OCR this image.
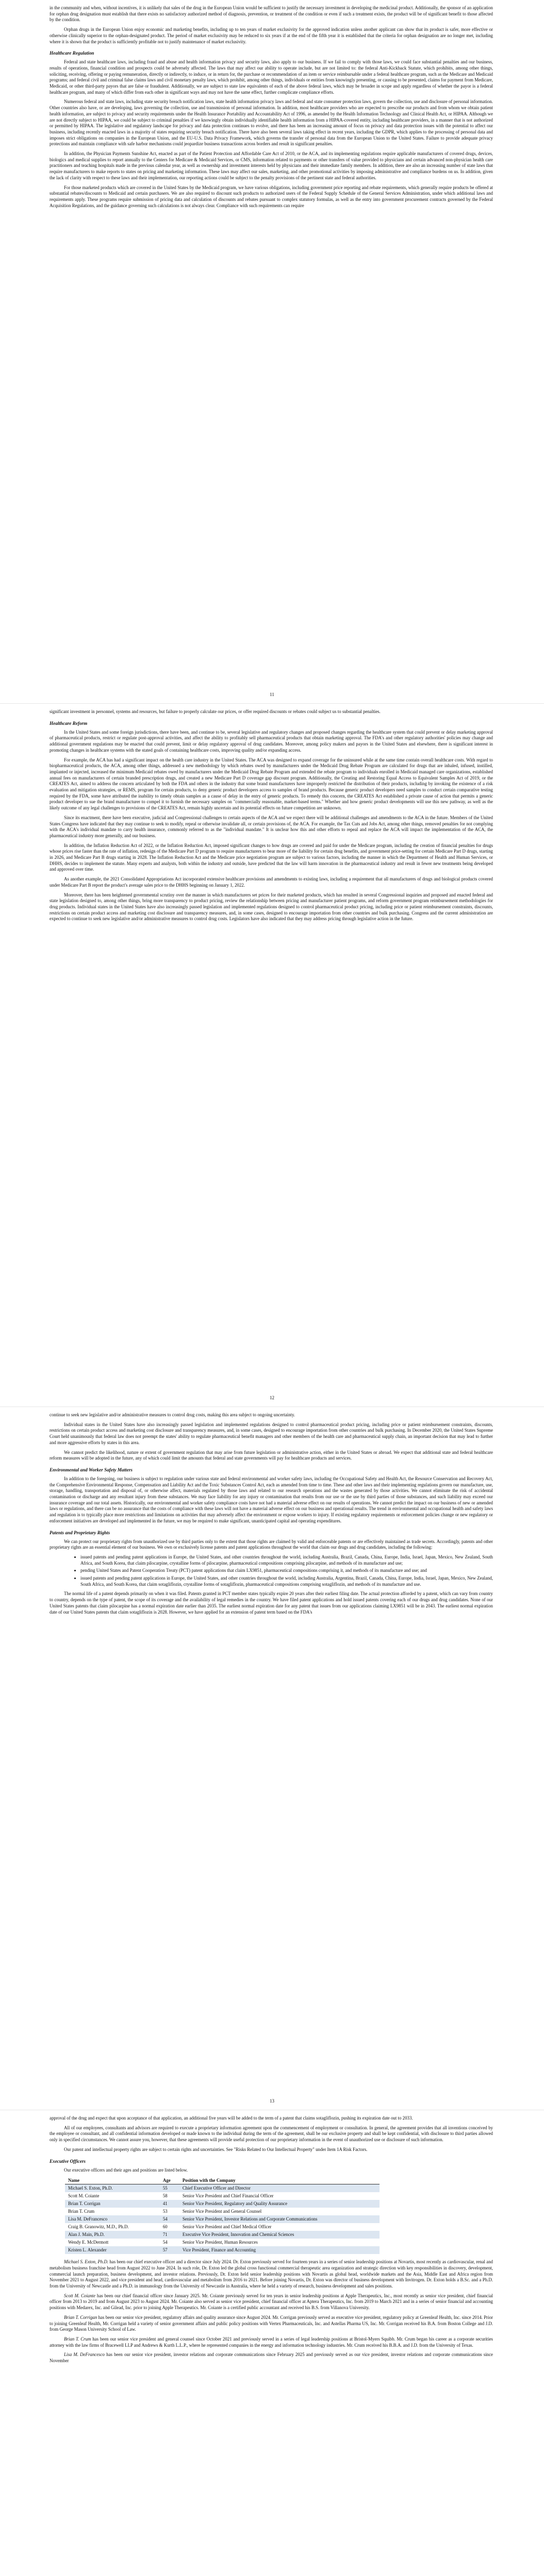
in the community and when, without incentives, it is unlikely that sales of the drug in the European Union would be sufficient to justify the necessary investment in developing the medicinal product. Additionally, the sponsor of an application for orphan drug designation must establish that there exists no satisfactory authorized method of diagnosis, prevention, or treatment of the condition or even if such a treatment exists, the product will be of significant benefit to those affected by the condition.

Orphan drugs in the European Union enjoy economic and marketing benefits, including up to ten years of market exclusivity for the approved indication unless another applicant can show that its product is safer, more effective or otherwise clinically superior to the orphan-designated product. The period of market exclusivity may be reduced to six years if at the end of the fifth year it is established that the criteria for orphan designation are no longer met, including where it is shown that the product is sufficiently profitable not to justify maintenance of market exclusivity.

Healthcare Regulation

Federal and state healthcare laws, including fraud and abuse and health information privacy and security laws, also apply to our business. If we fail to comply with those laws, we could face substantial penalties and our business, results of operations, financial condition and prospects could be adversely affected. The laws that may affect our ability to operate include, but are not limited to: the federal Anti-Kickback Statute, which prohibits, among other things, soliciting, receiving, offering or paying remuneration, directly or indirectly, to induce, or in return for, the purchase or recommendation of an item or service reimbursable under a federal healthcare program, such as the Medicare and Medicaid programs; and federal civil and criminal false claims laws and civil monetary penalty laws, which prohibit, among other things, individuals or entities from knowingly presenting, or causing to be presented, claims for payment from Medicare, Medicaid, or other third-party payors that are false or fraudulent. Additionally, we are subject to state law equivalents of each of the above federal laws, which may be broader in scope and apply regardless of whether the payor is a federal healthcare program, and many of which differ from each other in significant ways and may not have the same effect, further complicate compliance efforts.

Numerous federal and state laws, including state security breach notification laws, state health information privacy laws and federal and state consumer protection laws, govern the collection, use and disclosure of personal information. Other countries also have, or are developing, laws governing the collection, use and transmission of personal information. In addition, most healthcare providers who are expected to prescribe our products and from whom we obtain patient health information, are subject to privacy and security requirements under the Health Insurance Portability and Accountability Act of 1996, as amended by the Health Information Technology and Clinical Health Act, or HIPAA. Although we are not directly subject to HIPAA, we could be subject to criminal penalties if we knowingly obtain individually identifiable health information from a HIPAA-covered entity, including healthcare providers, in a manner that is not authorized or permitted by HIPAA. The legislative and regulatory landscape for privacy and data protection continues to evolve, and there has been an increasing amount of focus on privacy and data protection issues with the potential to affect our business, including recently enacted laws in a majority of states requiring security breach notification. There have also been several laws taking effect in recent years, including the GDPR, which applies to the processing of personal data and imposes strict obligations on companies in the European Union, and the EU-U.S. Data Privacy Framework, which governs the transfer of personal data from the European Union to the United States. Failure to provide adequate privacy protections and maintain compliance with safe harbor mechanisms could jeopardize business transactions across borders and result in significant penalties.

In addition, the Physician Payments Sunshine Act, enacted as part of the Patient Protection and Affordable Care Act of 2010, or the ACA, and its implementing regulations require applicable manufacturers of covered drugs, devices, biologics and medical supplies to report annually to the Centers for Medicare & Medicaid Services, or CMS, information related to payments or other transfers of value provided to physicians and certain advanced non-physician health care practitioners and teaching hospitals made in the previous calendar year, as well as ownership and investment interests held by physicians and their immediate family members. In addition, there are also an increasing number of state laws that require manufacturers to make reports to states on pricing and marketing information. These laws may affect our sales, marketing, and other promotional activities by imposing administrative and compliance burdens on us. In addition, given the lack of clarity with respect to these laws and their implementation, our reporting actions could be subject to the penalty provisions of the pertinent state and federal authorities.

For those marketed products which are covered in the United States by the Medicaid program, we have various obligations, including government price reporting and rebate requirements, which generally require products be offered at substantial rebates/discounts to Medicaid and certain purchasers. We are also required to discount such products to authorized users of the Federal Supply Schedule of the General Services Administration, under which additional laws and requirements apply. These programs require submission of pricing data and calculation of discounts and rebates pursuant to complex statutory formulas, as well as the entry into government procurement contracts governed by the Federal Acquisition Regulations, and the guidance governing such calculations is not always clear. Compliance with such requirements can require

11

significant investment in personnel, systems and resources, but failure to properly calculate our prices, or offer required discounts or rebates could subject us to substantial penalties.

Healthcare Reform

In the United States and some foreign jurisdictions, there have been, and continue to be, several legislative and regulatory changes and proposed changes regarding the healthcare system that could prevent or delay marketing approval of pharmaceutical products, restrict or regulate post-approval activities, and affect the ability to profitably sell pharmaceutical products that obtain marketing approval. The FDA's and other regulatory authorities' policies may change and additional government regulations may be enacted that could prevent, limit or delay regulatory approval of drug candidates. Moreover, among policy makers and payors in the United States and elsewhere, there is significant interest in promoting changes in healthcare systems with the stated goals of containing healthcare costs, improving quality and/or expanding access.

For example, the ACA has had a significant impact on the health care industry in the United States. The ACA was designed to expand coverage for the uninsured while at the same time contain overall healthcare costs. With regard to biopharmaceutical products, the ACA, among other things, addressed a new methodology by which rebates owed by manufacturers under the Medicaid Drug Rebate Program are calculated for drugs that are inhaled, infused, instilled, implanted or injected, increased the minimum Medicaid rebates owed by manufacturers under the Medicaid Drug Rebate Program and extended the rebate program to individuals enrolled in Medicaid managed care organizations, established annual fees on manufacturers of certain branded prescription drugs, and created a new Medicare Part D coverage gap discount program. Additionally, the Creating and Restoring Equal Access to Equivalent Samples Act of 2019, or the CREATES Act, aimed to address the concern articulated by both the FDA and others in the industry that some brand manufacturers have improperly restricted the distribution of their products, including by invoking the existence of a risk evaluation and mitigation strategies, or REMS, program for certain products, to deny generic product developers access to samples of brand products. Because generic product developers need samples to conduct certain comparative testing required by the FDA, some have attributed the inability to timely obtain samples as a cause of delay in the entry of generic products. To remedy this concern, the CREATES Act established a private cause of action that permits a generic product developer to sue the brand manufacturer to compel it to furnish the necessary samples on "commercially reasonable, market-based terms." Whether and how generic product developments will use this new pathway, as well as the likely outcome of any legal challenges to provisions of the CREATES Act, remain highly uncertain and its potential effects on future competition are unknown.

Since its enactment, there have been executive, judicial and Congressional challenges to certain aspects of the ACA and we expect there will be additional challenges and amendments to the ACA in the future. Members of the United States Congress have indicated that they may continue to seek to modify, repeal or otherwise invalidate all, or certain provisions of, the ACA. For example, the Tax Cuts and Jobs Act, among other things, removed penalties for not complying with the ACA's individual mandate to carry health insurance, commonly referred to as the "individual mandate." It is unclear how this and other efforts to repeal and replace the ACA will impact the implementation of the ACA, the pharmaceutical industry more generally, and our business.

In addition, the Inflation Reduction Act of 2022, or the Inflation Reduction Act, imposed significant changes to how drugs are covered and paid for under the Medicare program, including the creation of financial penalties for drugs whose prices rise faster than the rate of inflation, redesign of the Medicare Part D program to require manufacturers to bear more of the liability for certain drug benefits, and government price-setting for certain Medicare Part D drugs, starting in 2026, and Medicare Part B drugs starting in 2028. The Inflation Reduction Act and the Medicare price negotiation program are subject to various factors, including the manner in which the Department of Health and Human Services, or DHHS, decides to implement the statute. Many experts and analysts, both within the industry and outside, have predicted that the law will harm innovation in the pharmaceutical industry and result in fewer new treatments being developed and approved over time.

As another example, the 2021 Consolidated Appropriations Act incorporated extensive healthcare provisions and amendments to existing laws, including a requirement that all manufacturers of drugs and biological products covered under Medicare Part B report the product's average sales price to the DHHS beginning on January 1, 2022.

Moreover, there has been heightened governmental scrutiny over the manner in which manufacturers set prices for their marketed products, which has resulted in several Congressional inquiries and proposed and enacted federal and state legislation designed to, among other things, bring more transparency to product pricing, review the relationship between pricing and manufacturer patient programs, and reform government program reimbursement methodologies for drug products. Individual states in the United States have also increasingly passed legislation and implemented regulations designed to control pharmaceutical product pricing, including price or patient reimbursement constraints, discounts, restrictions on certain product access and marketing cost disclosure and transparency measures, and, in some cases, designed to encourage importation from other countries and bulk purchasing. Congress and the current administration are expected to continue to seek new legislative and/or administrative measures to control drug costs. Legislators have also indicated that they may address pricing through legislative action in the future.

12

continue to seek new legislative and/or administrative measures to control drug costs, making this area subject to ongoing uncertainty.

Individual states in the United States have also increasingly passed legislation and implemented regulations designed to control pharmaceutical product pricing, including price or patient reimbursement constraints, discounts, restrictions on certain product access and marketing cost disclosure and transparency measures, and, in some cases, designed to encourage importation from other countries and bulk purchasing. In December 2020, the United States Supreme Court held unanimously that federal law does not preempt the states' ability to regulate pharmaceutical benefit managers and other members of the health care and pharmaceutical supply chain, an important decision that may lead to further and more aggressive efforts by states in this area.

We cannot predict the likelihood, nature or extent of government regulation that may arise from future legislation or administrative action, either in the United States or abroad. We expect that additional state and federal healthcare reform measures will be adopted in the future, any of which could limit the amounts that federal and state governments will pay for healthcare products and services.

Environmental and Worker Safety Matters

In addition to the foregoing, our business is subject to regulation under various state and federal environmental and worker safety laws, including the Occupational Safety and Health Act, the Resource Conservation and Recovery Act, the Comprehensive Environmental Response, Compensation and Liability Act and the Toxic Substances Control Act, each as amended from time to time. These and other laws and their implementing regulations govern our manufacture, use, storage, handling, transportation and disposal of, or otherwise affect, materials regulated by those laws and related to our research operations and the wastes generated by those activities. We cannot eliminate the risk of accidental contamination or discharge and any resultant injury from these substances. We may face liability for any injury or contamination that results from our use or the use by third parties of those substances, and such liability may exceed our insurance coverage and our total assets. Historically, our environmental and worker safety compliance costs have not had a material adverse effect on our results of operations. We cannot predict the impact on our business of new or amended laws or regulations, and there can be no assurance that the costs of compliance with these laws will not have a material adverse effect on our business and operational results. The trend in environmental and occupational health and safety laws and regulation is to typically place more restrictions and limitations on activities that may adversely affect the environment or expose workers to injury. If existing regulatory requirements or enforcement policies change or new regulatory or enforcement initiatives are developed and implemented in the future, we may be required to make significant, unanticipated capital and operating expenditures.

Patents and Proprietary Rights

We can protect our proprietary rights from unauthorized use by third parties only to the extent that those rights are claimed by valid and enforceable patents or are effectively maintained as trade secrets. Accordingly, patents and other proprietary rights are an essential element of our business. We own or exclusively license patents and patent applications throughout the world that claim our drugs and drug candidates, including the following:

• issued patents and pending patent applications in Europe, the United States, and other countries throughout the world, including Australia, Brazil, Canada, China, Europe, India, Israel, Japan, Mexico, New Zealand, South Africa, and South Korea, that claim pilocarpine, crystalline forms of pilocarpine, pharmaceutical compositions comprising pilocarpine, and methods of its manufacture and use;
• pending United States and Patent Cooperation Treaty (PCT) patent applications that claim LX9851, pharmaceutical compositions comprising it, and methods of its manufacture and use; and
• issued patents and pending patent applications in Europe, the United States, and other countries throughout the world, including Australia, Argentina, Brazil, Canada, China, Europe, India, Israel, Japan, Mexico, New Zealand, South Africa, and South Korea, that claim sotagliflozin, crystalline forms of sotagliflozin, pharmaceutical compositions comprising sotagliflozin, and methods of its manufacture and use.

The normal life of a patent depends primarily on when it was filed. Patents granted in PCT member states typically expire 20 years after their earliest filing date. The actual protection afforded by a patent, which can vary from country to country, depends on the type of patent, the scope of its coverage and the availability of legal remedies in the country. We have filed patent applications and hold issued patents covering each of our drugs and drug candidates. None of our United States patents that claim pilocarpine has a normal expiration date earlier than 2035. The earliest normal expiration date for any patent that issues from our applications claiming LX9851 will be in 2043. The earliest normal expiration date of our United States patents that claim sotagliflozin is 2028. However, we have applied for an extension of patent term based on the FDA's

13

approval of the drug and expect that upon acceptance of that application, an additional five years will be added to the term of a patent that claims sotagliflozin, pushing its expiration date out to 2033.

All of our employees, consultants and advisors are required to execute a proprietary information agreement upon the commencement of employment or consultation. In general, the agreement provides that all inventions conceived by the employee or consultant, and all confidential information developed or made known to the individual during the term of the agreement, shall be our exclusive property and shall be kept confidential, with disclosure to third parties allowed only in specified circumstances. We cannot assure you, however, that these agreements will provide useful protection of our proprietary information in the event of unauthorized use or disclosure of such information.

Our patent and intellectual property rights are subject to certain rights and uncertainties. See "Risks Related to Our Intellectual Property" under Item 1A Risk Factors.

Executive Officers

Our executive officers and their ages and positions are listed below.

Name	Age	Position with the Company
Michael S. Exton, Ph.D.	55	Chief Executive Officer and Director
Scott M. Coiante	58	Senior Vice President and Chief Financial Officer
Brian T. Corrigan	41	Senior Vice President, Regulatory and Quality Assurance
Brian T. Crum	53	Senior Vice President and General Counsel
Lisa M. DeFrancesco	54	Senior Vice President, Investor Relations and Corporate Communications
Craig B. Granowitz, M.D., Ph.D.	60	Senior Vice President and Chief Medical Officer
Alan J. Main, Ph.D.	71	Executive Vice President, Innovation and Chemical Sciences
Wendy E. McDermott	54	Senior Vice President, Human Resources
Kristen L. Alexander	57	Vice President, Finance and Accounting

Michael S. Exton, Ph.D. has been our chief executive officer and a director since July 2024. Dr. Exton previously served for fourteen years in a series of senior leadership positions at Novartis, most recently as cardiovascular, renal and metabolism business franchise head from August 2022 to June 2024. In such role, Dr. Exton led the global cross functional commercial therapeutic area organization and strategic direction with key responsibilities in discovery, development, commercial launch preparation, business development, and investor relations. Previously, Dr. Exton held senior leadership positions with Novartis as global head, worldwide markets and the Asia, Middle East and Africa region from November 2021 to August 2022, and vice president and head, cardiovascular and metabolism from 2016 to 2021. Before joining Novartis, Dr. Exton was director of business development with Invitrogen. Dr. Exton holds a B.Sc. and a Ph.D. from the University of Newcastle and a Ph.D. in immunology from the University of Newcastle in Australia, where he held a variety of research, business development and sales positions.

Scott M. Coiante has been our chief financial officer since January 2025. Mr. Coiante previously served for ten years in senior leadership positions at Apple Therapeutics, Inc., most recently as senior vice president, chief financial officer from 2013 to 2019 and from August 2023 to August 2024. Mr. Coiante also served as senior vice president, chief financial officer at Aptera Therapeutics, Inc. from 2019 to March 2021 and in a series of senior financial and accounting positions with Medarex, Inc. and Gilead, Inc. prior to joining Apple Therapeutics. Mr. Coiante is a certified public accountant and received his B.S. from Villanova University.

Brian T. Corrigan has been our senior vice president, regulatory affairs and quality assurance since August 2024. Mr. Corrigan previously served as executive vice president, regulatory policy at Greenleaf Health, Inc. since 2014. Prior to joining Greenleaf Health, Mr. Corrigan held a variety of senior government affairs and public policy positions with Vertex Pharmaceuticals, Inc. and Astellas Pharma US, Inc. Mr. Corrigan received his B.A. from Boston College and J.D. from George Mason University School of Law.

Brian T. Crum has been our senior vice president and general counsel since October 2021 and previously served in a series of legal leadership positions at Bristol-Myers Squibb. Mr. Crum began his career as a corporate securities attorney with the law firms of Bracewell LLP and Andrews & Kurth L.L.P., where he represented companies in the energy and information technology industries. Mr. Crum received his B.B.A. and J.D. from the University of Texas.

Lisa M. DeFrancesco has been our senior vice president, investor relations and corporate communications since February 2025 and previously served as our vice president, investor relations and corporate communications since November
